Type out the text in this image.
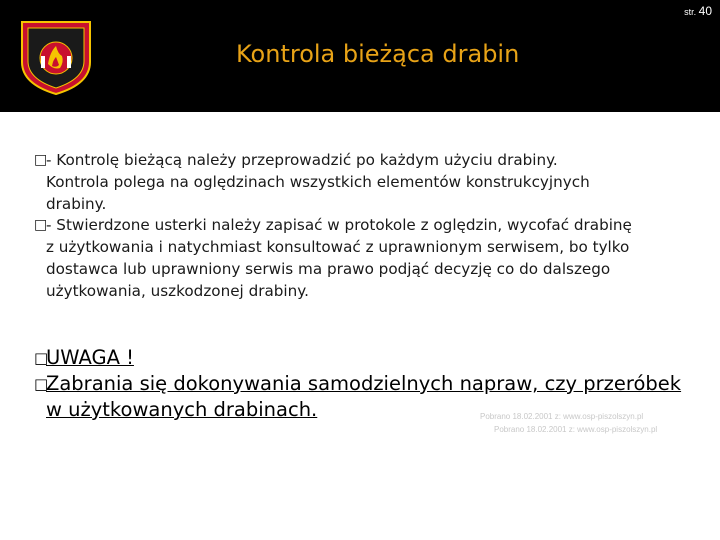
str. 40
Kontrola bieżąca drabin
□
- Kontrolę bieżącą należy przeprowadzić po każdym użyciu drabiny.
Kontrola polega na oględzinach wszystkich elementów konstrukcyjnych
drabiny.
□
- Stwierdzone usterki należy zapisać w protokole z oględzin, wycofać drabinę
z użytkowania i natychmiast konsultować z uprawnionym serwisem, bo tylko
dostawca lub uprawniony serwis ma prawo podjąć decyzję co do dalszego
użytkowania, uszkodzonej drabiny.
□
UWAGA !
□
Zabrania się dokonywania samodzielnych napraw, czy przeróbek
w użytkowanych drabinach.	Pobrano 18.02.2001 z: www.osp-piszolszyn.pl
Pobrano 18.02.2001 z: www.osp-piszolszyn.pl
